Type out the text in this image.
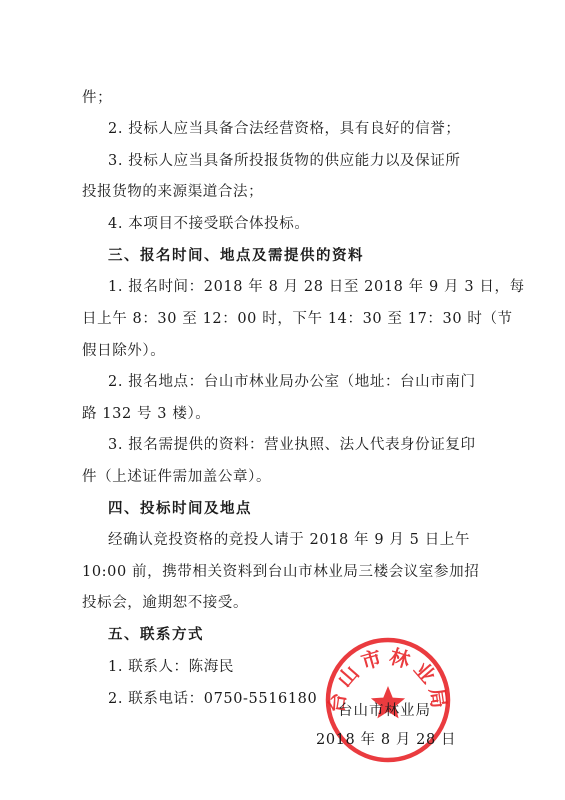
件；
2. 投标人应当具备合法经营资格，具有良好的信誉；
3. 投标人应当具备所投报货物的供应能力以及保证所
投报货物的来源渠道合法；
4. 本项目不接受联合体投标。
三、报名时间、地点及需提供的资料
1. 报名时间：2018 年 8 月 28 日至 2018 年 9 月 3 日，每
日上午 8：30 至 12：00 时，下午 14：30 至 17：30 时（节
假日除外）。
2. 报名地点：台山市林业局办公室（地址：台山市南门
路 132 号 3 楼）。
3. 报名需提供的资料：营业执照、法人代表身份证复印
件（上述证件需加盖公章）。
四、投标时间及地点
经确认竞投资格的竞投人请于 2018 年 9 月 5 日上午
10:00 前，携带相关资料到台山市林业局三楼会议室参加招
投标会，逾期恕不接受。
五、联系方式
1. 联系人：陈海民
2. 联系电话：0750-5516180 台山市林业局
台山市林业局
2018 年 8 月 28 日
